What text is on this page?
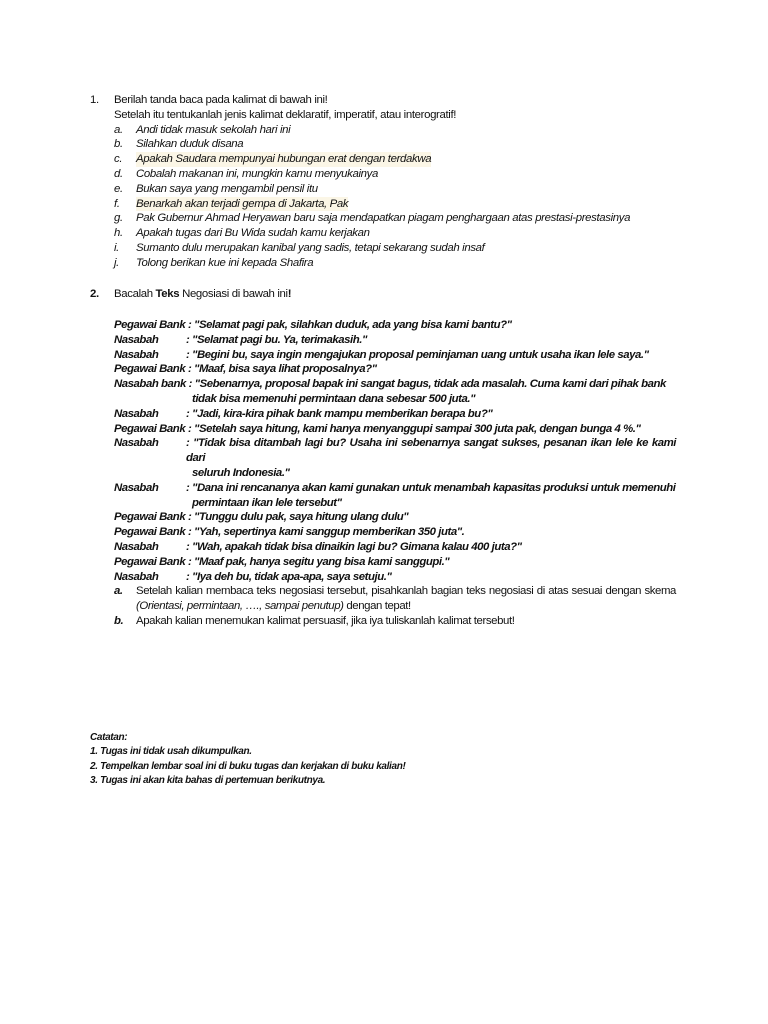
1. Berilah tanda baca pada kalimat di bawah ini!
Setelah itu tentukanlah jenis kalimat deklaratif, imperatif, atau interogratif!
a.	Andi tidak masuk sekolah hari ini
b.	Silahkan duduk disana
c.	Apakah Saudara mempunyai hubungan erat dengan terdakwa
d.	Cobalah makanan ini, mungkin kamu menyukainya
e.	Bukan saya yang mengambil pensil itu
f.	Benarkah akan terjadi gempa di Jakarta, Pak
g.	Pak Gubernur Ahmad Heryawan baru saja mendapatkan piagam penghargaan atas prestasi-prestasinya
h.	Apakah tugas dari Bu Wida sudah kamu kerjakan
i.	Sumanto dulu merupakan kanibal yang sadis, tetapi sekarang sudah insaf
j.	Tolong berikan kue ini kepada Shafira
2. Bacalah Teks Negosiasi di bawah ini!
Pegawai Bank
: "Selamat pagi pak, silahkan duduk, ada yang bisa kami bantu?"
Nasabah	: "Selamat pagi bu. Ya, terimakasih."
Nasabah	: "Begini bu, saya ingin mengajukan proposal peminjaman uang untuk usaha ikan lele saya."
Pegawai Bank
: "Maaf, bisa saya lihat proposalnya?"
Nasabah bank
: "Sebenarnya, proposal bapak ini sangat bagus, tidak ada masalah. Cuma kami dari pihak bank
tidak bisa memenuhi permintaan dana sebesar 500 juta."
Nasabah	: "Jadi, kira-kira pihak bank mampu memberikan berapa bu?"
Pegawai Bank
: "Setelah saya hitung, kami hanya menyanggupi sampai 300 juta pak, dengan bunga 4 %."
Nasabah	: "Tidak bisa ditambah lagi bu? Usaha ini sebenarnya sangat sukses, pesanan ikan lele ke kami dari
seluruh Indonesia."
Nasabah	: "Dana ini rencananya akan kami gunakan untuk menambah kapasitas produksi untuk memenuhi
permintaan ikan lele tersebut"
Pegawai Bank
: "Tunggu dulu pak, saya hitung ulang dulu"
Pegawai Bank
: "Yah, sepertinya kami sanggup memberikan 350 juta".
Nasabah	: "Wah, apakah tidak bisa dinaikin lagi bu? Gimana kalau 400 juta?"
Pegawai Bank
: "Maaf pak, hanya segitu yang bisa kami sanggupi."
Nasabah	: "Iya deh bu, tidak apa-apa, saya setuju."
a.	Setelah kalian membaca teks negosiasi tersebut, pisahkanlah bagian teks negosiasi di atas sesuai dengan skema (Orientasi, permintaan, …., sampai penutup) dengan tepat!
b.	Apakah kalian menemukan kalimat persuasif, jika iya tuliskanlah kalimat tersebut!
Catatan:
1. Tugas ini tidak usah dikumpulkan.
2. Tempelkan lembar soal ini di buku tugas dan kerjakan di buku kalian!
3. Tugas ini akan kita bahas di pertemuan berikutnya.
